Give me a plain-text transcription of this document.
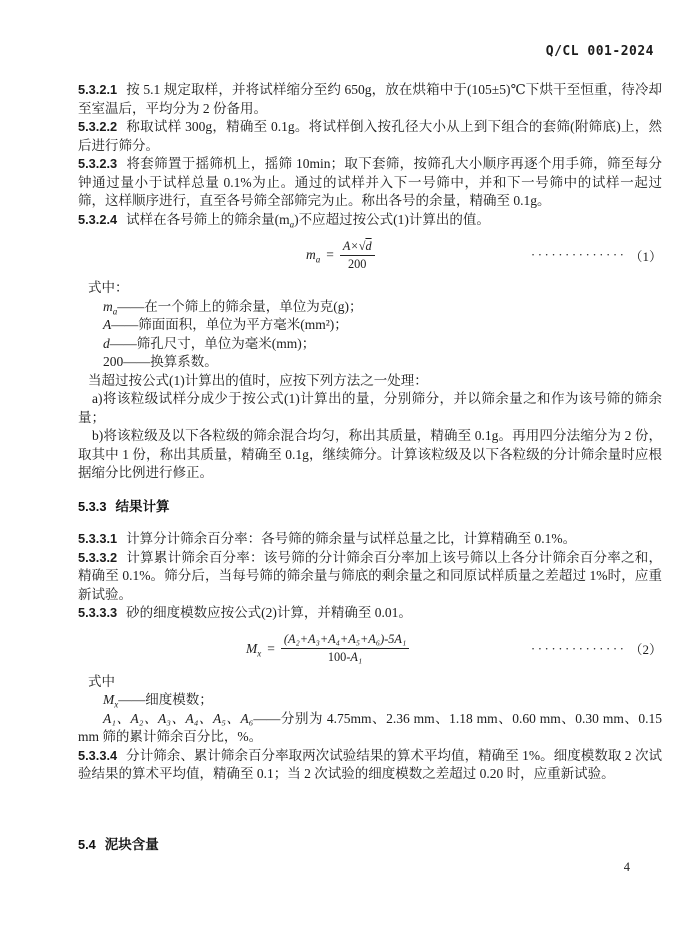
Q/CL 001-2024

5.3.2.1 按 5.1 规定取样，并将试样缩分至约 650g，放在烘箱中于(105±5)℃下烘干至恒重，待冷却至室温后，平均分为 2 份备用。

5.3.2.2 称取试样 300g，精确至 0.1g。将试样倒入按孔径大小从上到下组合的套筛(附筛底)上，然后进行筛分。

5.3.2.3 将套筛置于摇筛机上，摇筛 10min；取下套筛，按筛孔大小顺序再逐个用手筛，筛至每分钟通过量小于试样总量 0.1%为止。通过的试样并入下一号筛中，并和下一号筛中的试样一起过筛，这样顺序进行，直至各号筛全部筛完为止。称出各号的余量，精确至 0.1g。

5.3.2.4 试样在各号筛上的筛余量$(m_a)$不应超过按公式(1)计算出的值。

$m_a = \frac{A\times√d}{200}$	·············· （1）

式中：

$m_a——$在一个筛上的筛余量，单位为克(g)；

A——筛面面积，单位为平方毫米(mm²)；

d——筛孔尺寸，单位为毫米(mm)；

200——换算系数。

当超过按公式(1)计算出的值时，应按下列方法之一处理：

a)将该粒级试样分成少于按公式(1)计算出的量，分别筛分，并以筛余量之和作为该号筛的筛余量；

b)将该粒级及以下各粒级的筛余混合均匀，称出其质量，精确至 0.1g。再用四分法缩分为 2 份，取其中 1 份，称出其质量，精确至 0.1g，继续筛分。计算该粒级及以下各粒级的分计筛余量时应根据缩分比例进行修正。

5.3.3 结果计算

5.3.3.1 计算分计筛余百分率：各号筛的筛余量与试样总量之比，计算精确至 0.1%。

5.3.3.2 计算累计筛余百分率：该号筛的分计筛余百分率加上该号筛以上各分计筛余百分率之和，精确至 0.1%。筛分后，当每号筛的筛余量与筛底的剩余量之和同原试样质量之差超过 1%时，应重新试验。

5.3.3.3 砂的细度模数应按公式(2)计算，并精确至 0.01。

$M_x = \frac{\text{(A₂+A₃+A₄+A₅+A₆)-5A₁}}{\text{100-A₁}}$	·············· （2）

式中

$M_x——$细度模数；

A₁、A₂、A₃、A₄、A₅、A₆——分别为 4.75mm、2.36 mm、1.18 mm、0.60 mm、0.30 mm、0.15 mm 筛的累计筛余百分比，%。

5.3.3.4 分计筛余、累计筛余百分率取两次试验结果的算术平均值，精确至 1%。细度模数取 2 次试验结果的算术平均值，精确至 0.1；当 2 次试验的细度模数之差超过 0.20 时，应重新试验。

5.4 泥块含量

4
